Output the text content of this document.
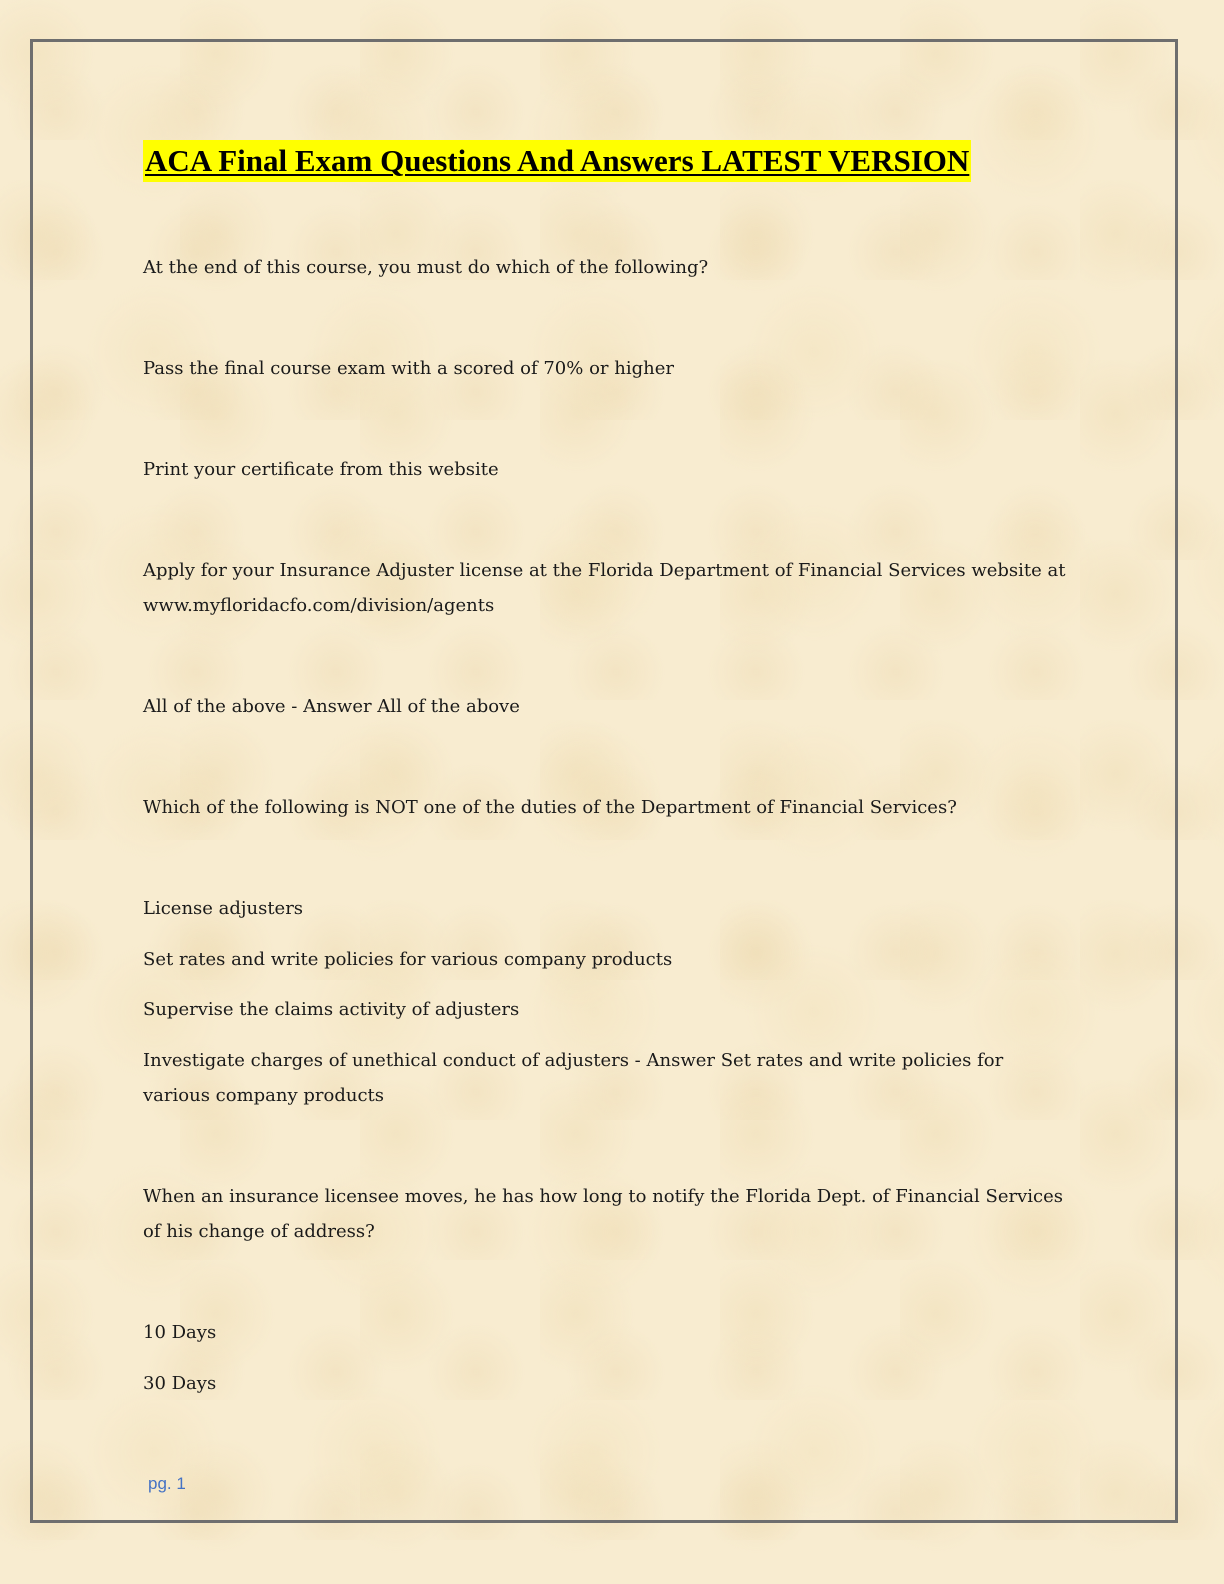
ACA Final Exam Questions And Answers LATEST VERSION

At the end of this course, you must do which of the following?

Pass the final course exam with a scored of 70% or higher

Print your certificate from this website

Apply for your Insurance Adjuster license at the Florida Department of Financial Services website at www.myfloridacfo.com/division/agents

All of the above - Answer All of the above

Which of the following is NOT one of the duties of the Department of Financial Services?

License adjusters

Set rates and write policies for various company products

Supervise the claims activity of adjusters

Investigate charges of unethical conduct of adjusters - Answer Set rates and write policies for various company products

When an insurance licensee moves, he has how long to notify the Florida Dept. of Financial Services of his change of address?

10 Days

30 Days

pg. 1
